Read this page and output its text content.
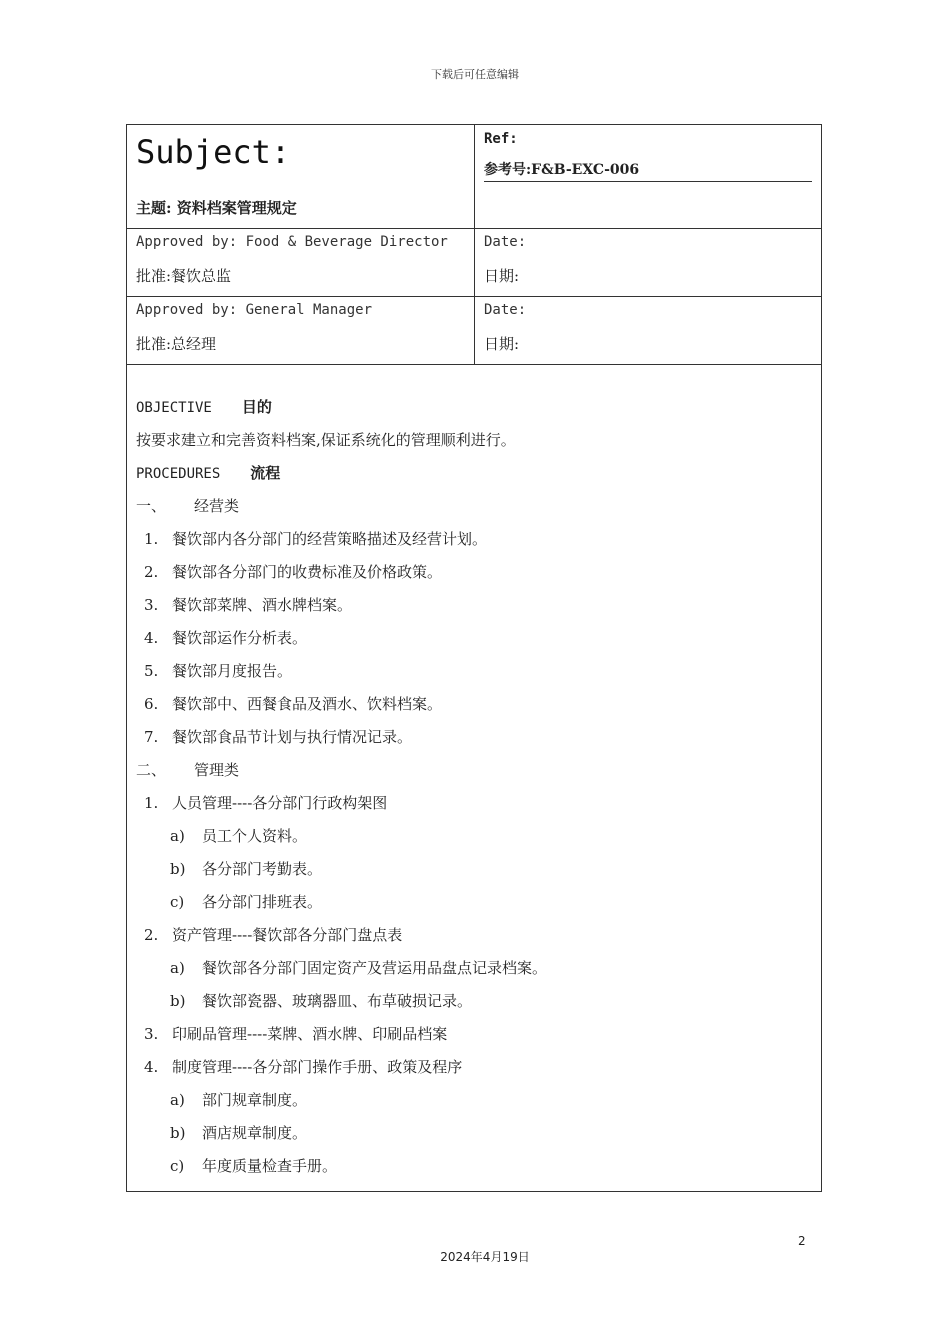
下载后可任意编辑
Subject:
主题: 资料档案管理规定
Ref:
参考号:F&B-EXC-006
Approved by: Food & Beverage Director
批准:餐饮总监
Date:
日期:
Approved by: General Manager
批准:总经理
Date:
日期:
OBJECTIVE 目的
按要求建立和完善资料档案,保证系统化的管理顺利进行。
PROCEDURES 流程
一、 经营类
1. 餐饮部内各分部门的经营策略描述及经营计划。
2. 餐饮部各分部门的收费标准及价格政策。
3. 餐饮部菜牌、酒水牌档案。
4. 餐饮部运作分析表。
5. 餐饮部月度报告。
6. 餐饮部中、西餐食品及酒水、饮料档案。
7. 餐饮部食品节计划与执行情况记录。
二、 管理类
1. 人员管理----各分部门行政构架图
a) 员工个人资料。
b) 各分部门考勤表。
c) 各分部门排班表。
2. 资产管理----餐饮部各分部门盘点表
a) 餐饮部各分部门固定资产及营运用品盘点记录档案。
b) 餐饮部瓷器、玻璃器皿、布草破损记录。
3. 印刷品管理----菜牌、酒水牌、印刷品档案
4. 制度管理----各分部门操作手册、政策及程序
a) 部门规章制度。
b) 酒店规章制度。
c) 年度质量检查手册。
2
2024年4月19日
